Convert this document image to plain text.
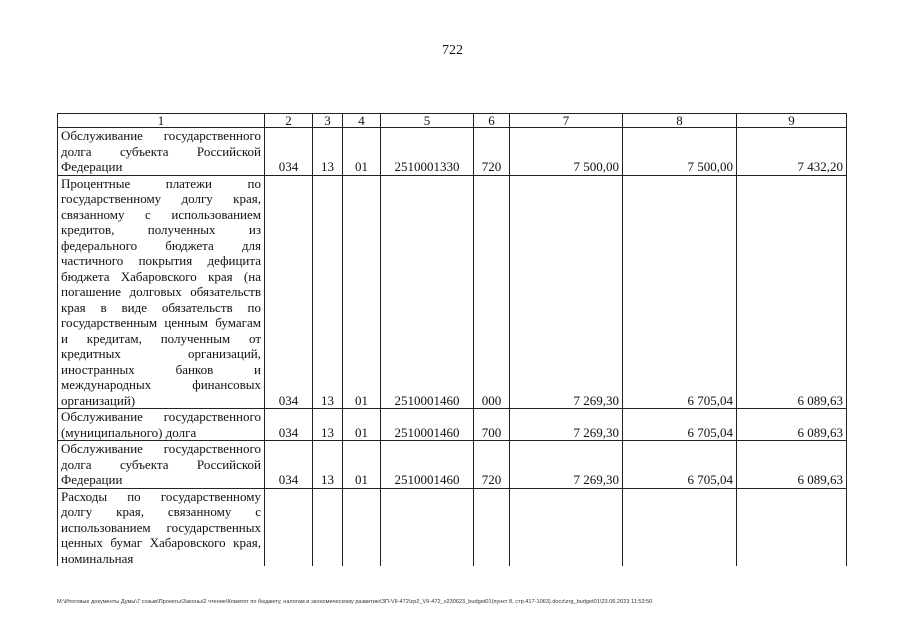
722
1	2	3	4	5	6	7	8	9
Обслуживание государственного долга субъекта Российской Федерации	034	13	01	2510001330	720	7 500,00	7 500,00	7 432,20
Процентные платежи по государственному долгу края, связанному с использованием кредитов, полученных из федерального бюджета для частичного покрытия дефицита бюджета Хабаровского края (на погашение долговых обязательств края в виде обязательств по государственным ценным бумагам и кредитам, полученным от кредитных организаций, иностранных банков и международных финансовых организаций)	034	13	01	2510001460	000	7 269,30	6 705,04	6 089,63
Обслуживание государственного (муниципального) долга	034	13	01	2510001460	700	7 269,30	6 705,04	6 089,63
Обслуживание государственного долга субъекта Российской Федерации	034	13	01	2510001460	720	7 269,30	6 705,04	6 089,63
Расходы по государственному долгу края, связанному с использованием государственных ценных бумаг Хабаровского края, номинальная								
M:\Итоговые документы Думы\7 созыв\Проекты\Законы\2 чтение\Комитет по бюджету, налогам и экономическому развитию\ЗП-VII-472\zp2_VII-472_v230623_budget01(пункт 8, стр.417-1063).docx\zrg_budget01\23.06.2023 11:53:50
